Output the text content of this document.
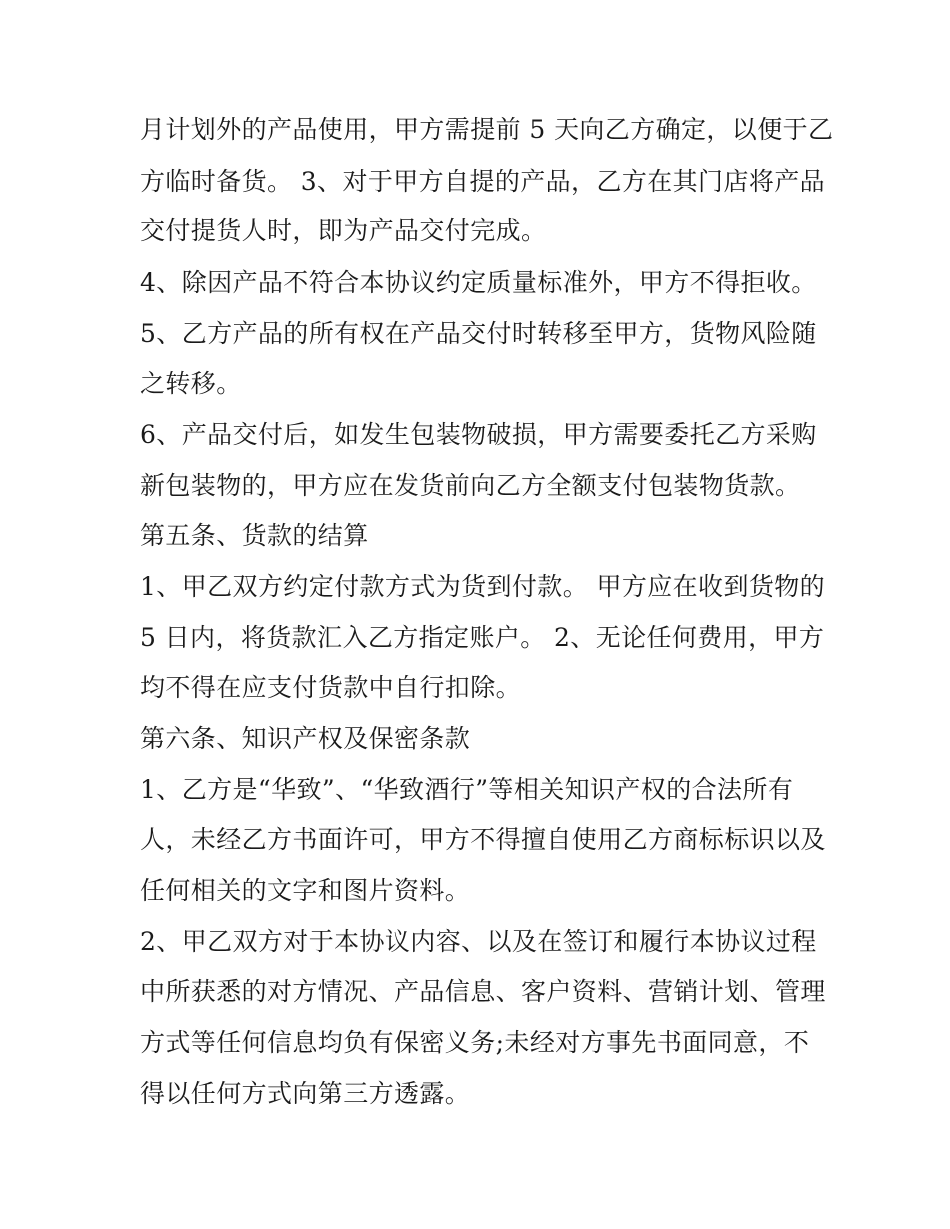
月计划外的产品使用，甲方需提前 5 天向乙方确定，以便于乙
方临时备货。 3、对于甲方自提的产品，乙方在其门店将产品
交付提货人时，即为产品交付完成。
4、除因产品不符合本协议约定质量标准外，甲方不得拒收。
5、乙方产品的所有权在产品交付时转移至甲方，货物风险随
之转移。
6、产品交付后，如发生包装物破损，甲方需要委托乙方采购
新包装物的，甲方应在发货前向乙方全额支付包装物货款。
第五条、货款的结算
1、甲乙双方约定付款方式为货到付款。 甲方应在收到货物的
5 日内，将货款汇入乙方指定账户。 2、无论任何费用，甲方
均不得在应支付货款中自行扣除。
第六条、知识产权及保密条款
1、乙方是“华致”、“华致酒行”等相关知识产权的合法所有
人，未经乙方书面许可，甲方不得擅自使用乙方商标标识以及
任何相关的文字和图片资料。
2、甲乙双方对于本协议内容、以及在签订和履行本协议过程
中所获悉的对方情况、产品信息、客户资料、营销计划、管理
方式等任何信息均负有保密义务;未经对方事先书面同意，不
得以任何方式向第三方透露。
